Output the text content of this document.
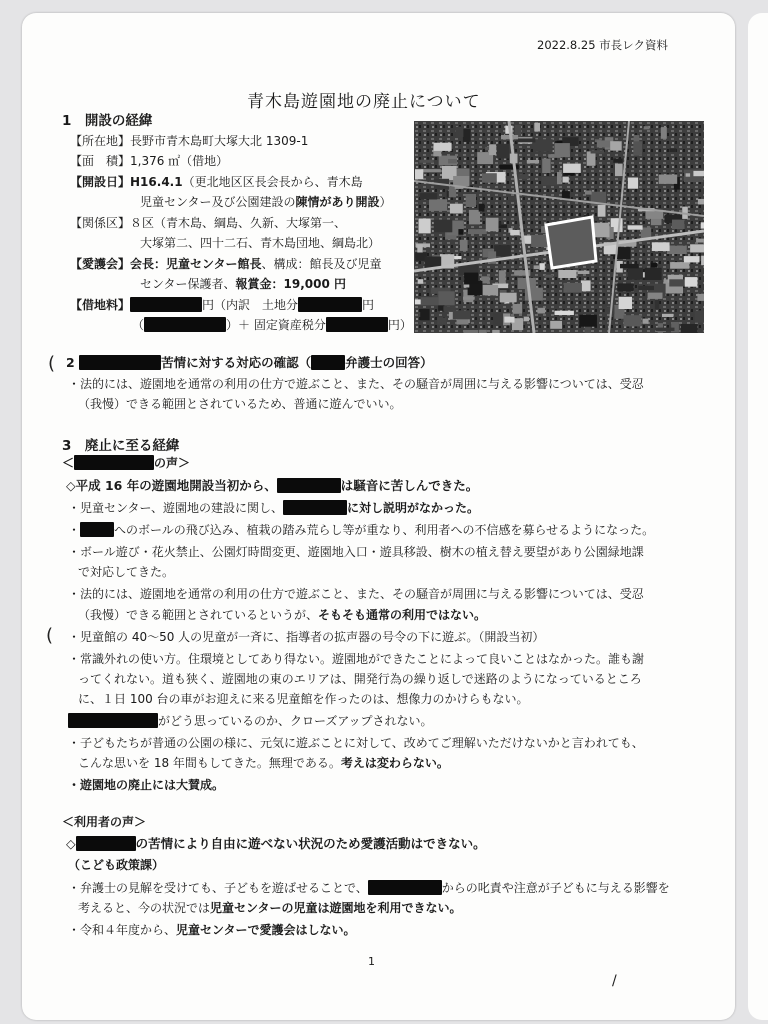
2022.8.25 市長レク資料
青木島遊園地の廃止について
1　開設の経緯
【所在地】長野市青木島町大塚大北 1309-1
【面　積】1,376 ㎡（借地）
【開設日】H16.4.1（更北地区区長会長から、青木島
児童センター及び公園建設の陳情があり開設）
【関係区】８区（青木島、綱島、久新、大塚第一、
大塚第二、四十二石、青木島団地、綱島北）
【愛護会】会長：児童センター館長、構成：館長及び児童
センター保護者、報賞金：19,000 円
【借地料】	円（内訳　土地分	円
（	）＋ 固定資産税分	円）
( 2	苦情に対する対応の確認（	弁護士の回答）
・法的には、遊園地を通常の利用の仕方で遊ぶこと、また、その騒音が周囲に与える影響については、受忍
（我慢）できる範囲とされているため、普通に遊んでいい。
3　廃止に至る経緯
＜	の声＞
◇平成 16 年の遊園地開設当初から、	は騒音に苦しんできた。
・児童センター、遊園地の建設に関し、	に対し説明がなかった。
・	へのボールの飛び込み、植栽の踏み荒らし等が重なり、利用者への不信感を募らせるようになった。
・ボール遊び・花火禁止、公園灯時間変更、遊園地入口・遊具移設、樹木の植え替え要望があり公園緑地課
で対応してきた。
・法的には、遊園地を通常の利用の仕方で遊ぶこと、また、その騒音が周囲に与える影響については、受忍
（我慢）できる範囲とされているというが、そもそも通常の利用ではない。
( ・児童館の 40～50 人の児童が一斉に、指導者の拡声器の号令の下に遊ぶ。（開設当初）
・常識外れの使い方。住環境としてあり得ない。遊園地ができたことによって良いことはなかった。誰も謝
ってくれない。道も狭く、遊園地の東のエリアは、開発行為の繰り返しで迷路のようになっているところ
に、１日 100 台の車がお迎えに来る児童館を作ったのは、想像力のかけらもない。
がどう思っているのか、クローズアップされない。
・子どもたちが普通の公園の様に、元気に遊ぶことに対して、改めてご理解いただけないかと言われても、
こんな思いを 18 年間もしてきた。無理である。考えは変わらない。
・遊園地の廃止には大賛成。
＜利用者の声＞
◇	の苦情により自由に遊べない状況のため愛護活動はできない。
（こども政策課）
・弁護士の見解を受けても、子どもを遊ばせることで、	からの叱責や注意が子どもに与える影響を
考えると、今の状況では児童センターの児童は遊園地を利用できない。
・令和４年度から、児童センターで愛護会はしない。
1
/
